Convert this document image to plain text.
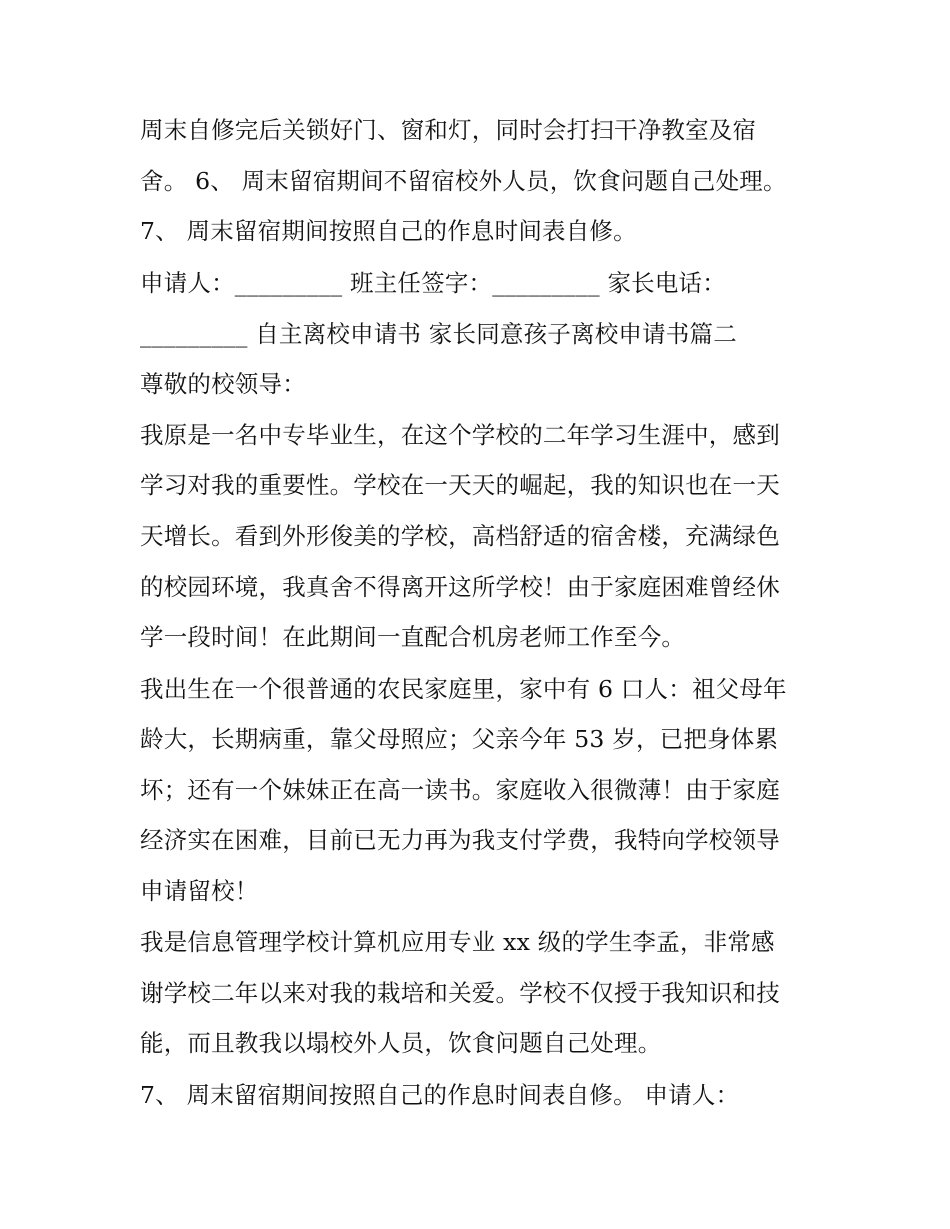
周末自修完后关锁好门、窗和灯，同时会打扫干净教室及宿
舍。 6、 周末留宿期间不留宿校外人员，饮食问题自己处理。
7、 周末留宿期间按照自己的作息时间表自修。
申请人：_________ 班主任签字：_________ 家长电话：
_________ 自主离校申请书 家长同意孩子离校申请书篇二
尊敬的校领导：
我原是一名中专毕业生，在这个学校的二年学习生涯中，感到
学习对我的重要性。学校在一天天的崛起，我的知识也在一天
天增长。看到外形俊美的学校，高档舒适的宿舍楼，充满绿色
的校园环境，我真舍不得离开这所学校！由于家庭困难曾经休
学一段时间！在此期间一直配合机房老师工作至今。
我出生在一个很普通的农民家庭里，家中有 6 口人：祖父母年
龄大，长期病重，靠父母照应；父亲今年 53 岁，已把身体累
坏；还有一个妹妹正在高一读书。家庭收入很微薄！由于家庭
经济实在困难，目前已无力再为我支付学费，我特向学校领导
申请留校！
我是信息管理学校计算机应用专业 xx 级的学生李孟，非常感
谢学校二年以来对我的栽培和关爱。学校不仅授于我知识和技
能，而且教我以塌校外人员，饮食问题自己处理。
7、 周末留宿期间按照自己的作息时间表自修。 申请人：
